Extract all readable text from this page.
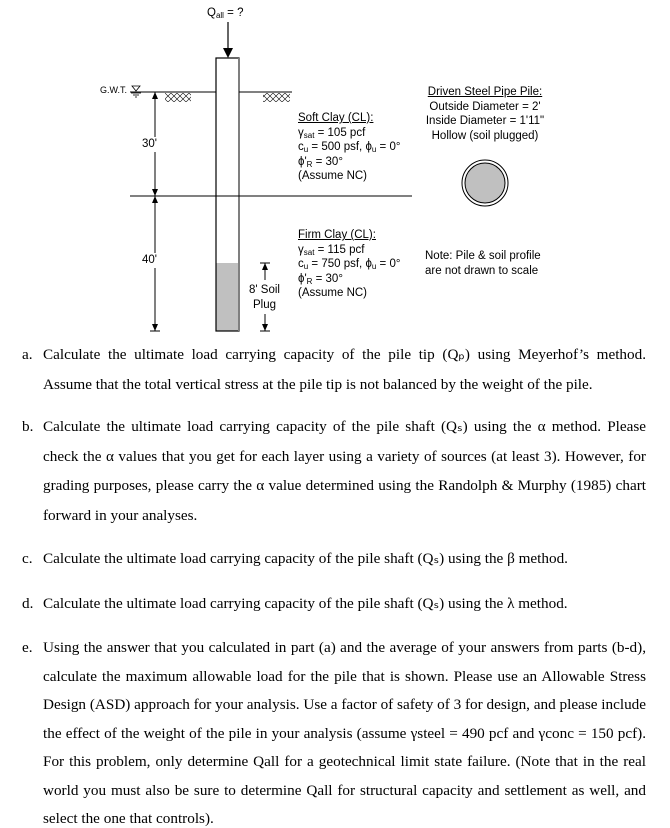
$Q_{all}$ = ?
G.W.T.
30'
40'
8' Soil
Plug
Soft Clay (CL):
$\gamma_{sat} = 105$ pcf
$c_u = 500$ psf, $\phi_u = 0^\circ$
$\phi'_R = 30^\circ$
(Assume NC)
Firm Clay (CL):
$\gamma_{sat} = 115$ pcf
$c_u = 750$ psf, $\phi_u = 0^\circ$
$\phi'_R = 30^\circ$
(Assume NC)
Driven Steel Pipe Pile:
Outside Diameter = 2'
Inside Diameter = 1'11"
Hollow (soil plugged)
Note: Pile & soil profile
are not drawn to scale
a. Calculate the ultimate load carrying capacity of the pile tip (Qₚ) using Meyerhof’s method. Assume that the total vertical stress at the pile tip is not balanced by the weight of the pile.
b. Calculate the ultimate load carrying capacity of the pile shaft (Qₛ) using the α method. Please check the α values that you get for each layer using a variety of sources (at least 3). However, for grading purposes, please carry the α value determined using the Randolph & Murphy (1985) chart forward in your analyses.
c. Calculate the ultimate load carrying capacity of the pile shaft (Qₛ) using the β method.
d. Calculate the ultimate load carrying capacity of the pile shaft (Qₛ) using the λ method.
e. Using the answer that you calculated in part (a) and the average of your answers from parts (b-d), calculate the maximum allowable load for the pile that is shown. Please use an Allowable Stress Design (ASD) approach for your analysis. Use a factor of safety of 3 for design, and please include the effect of the weight of the pile in your analysis (assume γsteel = 490 pcf and γconc = 150 pcf). For this problem, only determine Qall for a geotechnical limit state failure. (Note that in the real world you must also be sure to determine Qall for structural capacity and settlement as well, and select the one that controls).
